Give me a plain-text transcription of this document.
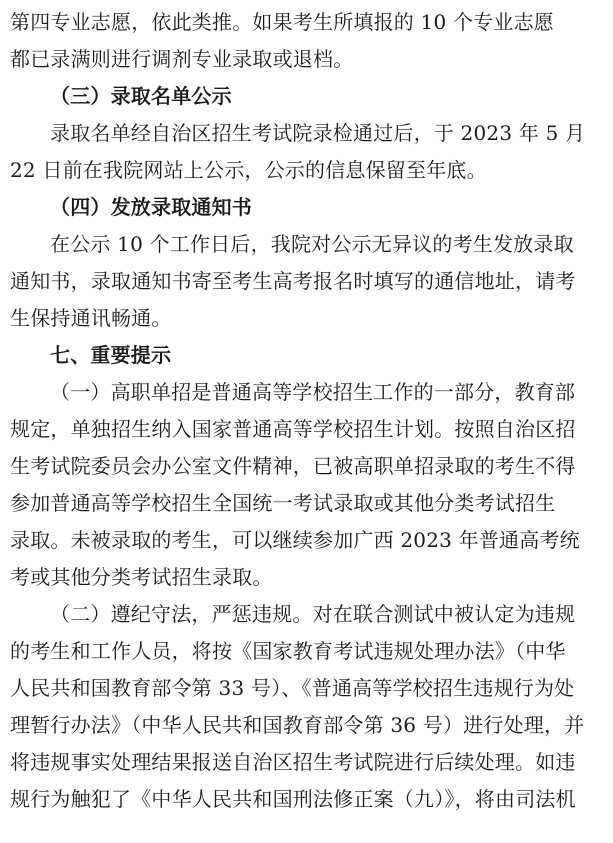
第四专业志愿，依此类推。如果考生所填报的 10 个专业志愿
都已录满则进行调剂专业录取或退档。
（三）录取名单公示
录取名单经自治区招生考试院录检通过后，于 2023 年 5 月
22 日前在我院网站上公示，公示的信息保留至年底。
（四）发放录取通知书
在公示 10 个工作日后，我院对公示无异议的考生发放录取
通知书，录取通知书寄至考生高考报名时填写的通信地址，请考
生保持通讯畅通。
七、重要提示
（一）高职单招是普通高等学校招生工作的一部分，教育部
规定，单独招生纳入国家普通高等学校招生计划。按照自治区招
生考试院委员会办公室文件精神，已被高职单招录取的考生不得
参加普通高等学校招生全国统一考试录取或其他分类考试招生
录取。未被录取的考生，可以继续参加广西 2023 年普通高考统
考或其他分类考试招生录取。
（二）遵纪守法，严惩违规。对在联合测试中被认定为违规
的考生和工作人员，将按《国家教育考试违规处理办法》（中华
人民共和国教育部令第 33 号）、《普通高等学校招生违规行为处
理暂行办法》（中华人民共和国教育部令第 36 号）进行处理，并
将违规事实处理结果报送自治区招生考试院进行后续处理。如违
规行为触犯了《中华人民共和国刑法修正案（九）》，将由司法机
